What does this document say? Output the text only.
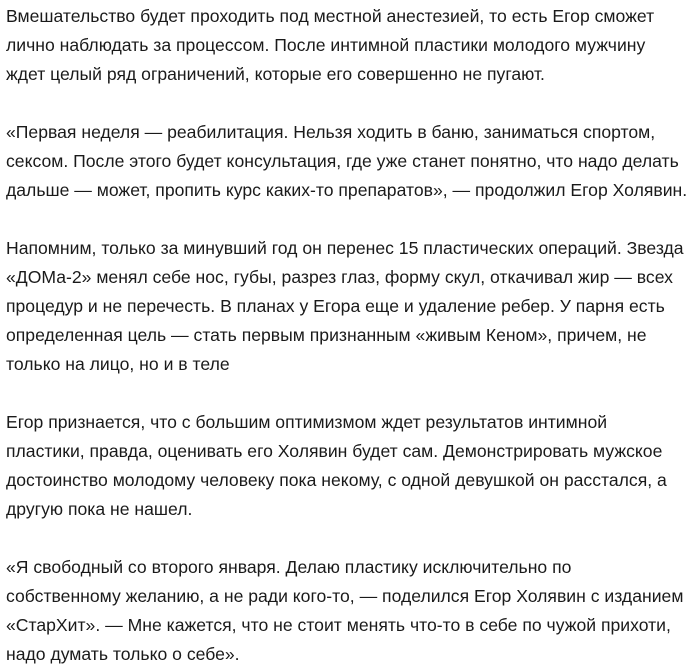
Вмешательство будет проходить под местной анестезией, то есть Егор сможет
лично наблюдать за процессом. После интимной пластики молодого мужчину
ждет целый ряд ограничений, которые его совершенно не пугают.

«Первая неделя — реабилитация. Нельзя ходить в баню, заниматься спортом,
сексом. После этого будет консультация, где уже станет понятно, что надо делать
дальше — может, пропить курс каких-то препаратов», — продолжил Егор Холявин.

Напомним, только за минувший год он перенес 15 пластических операций. Звезда
«ДОМа-2» менял себе нос, губы, разрез глаз, форму скул, откачивал жир — всех
процедур и не перечесть. В планах у Егора еще и удаление ребер. У парня есть
определенная цель — стать первым признанным «живым Кеном», причем, не
только на лицо, но и в теле

Егор признается, что с большим оптимизмом ждет результатов интимной
пластики, правда, оценивать его Холявин будет сам. Демонстрировать мужское
достоинство молодому человеку пока некому, с одной девушкой он расстался, а
другую пока не нашел.

«Я свободный со второго января. Делаю пластику исключительно по
собственному желанию, а не ради кого-то, — поделился Егор Холявин с изданием
«СтарХит». — Мне кажется, что не стоит менять что-то в себе по чужой прихоти,
надо думать только о себе».
